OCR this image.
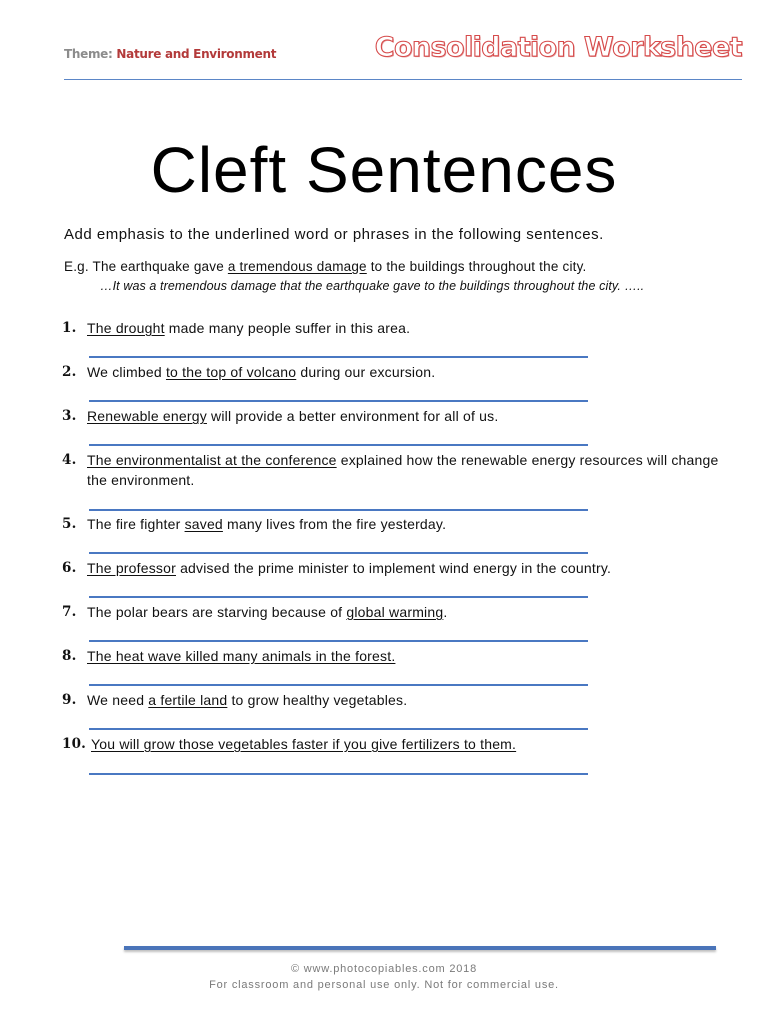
Theme: Nature and Environment	Consolidation Worksheet
Cleft Sentences
Add emphasis to the underlined word or phrases in the following sentences.
E.g. The earthquake gave a tremendous damage to the buildings throughout the city.
…It was a tremendous damage that the earthquake gave to the buildings throughout the city. …..
1. The drought made many people suffer in this area.
2. We climbed to the top of volcano during our excursion.
3. Renewable energy will provide a better environment for all of us.
4. The environmentalist at the conference explained how the renewable energy resources will change the environment.
5. The fire fighter saved many lives from the fire yesterday.
6. The professor advised the prime minister to implement wind energy in the country.
7. The polar bears are starving because of global warming.
8. The heat wave killed many animals in the forest.
9. We need a fertile land to grow healthy vegetables.
10. You will grow those vegetables faster if you give fertilizers to them.
© www.photocopiables.com 2018
For classroom and personal use only. Not for commercial use.
